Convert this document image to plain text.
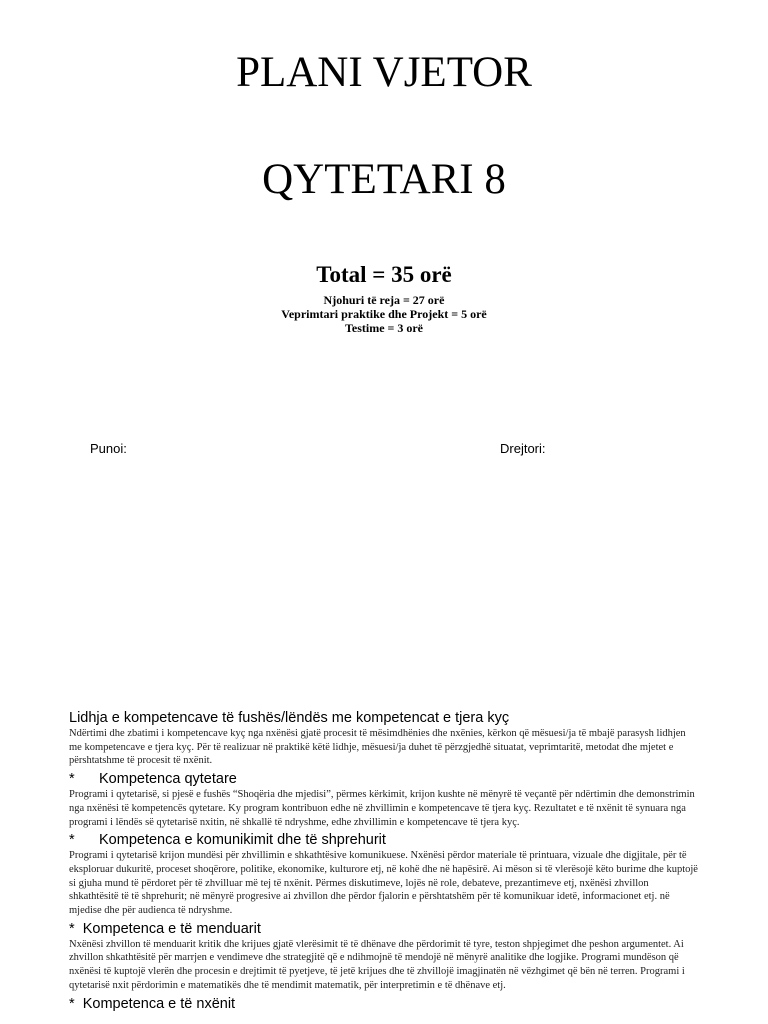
PLANI VJETOR
QYTETARI 8
Total = 35 orë
Njohuri të reja = 27 orë
Veprimtari praktike dhe Projekt = 5 orë
Testime = 3 orë
Punoi:	Drejtori:

Lidhja e kompetencave të fushës/lëndës me kompetencat e tjera kyç

Ndërtimi dhe zbatimi i kompetencave kyç nga nxënësi gjatë procesit të mësimdhënies dhe nxënies, kërkon që mësuesi/ja të mbajë parasysh lidhjen me kompetencave e tjera kyç. Për të realizuar në praktikë këtë lidhje, mësuesi/ja duhet të përzgjedhë situatat, veprimtaritë, metodat dhe mjetet e përshtatshme të procesit të nxënit.

* Kompetenca qytetare

Programi i qytetarisë, si pjesë e fushës “Shoqëria dhe mjedisi”, përmes kërkimit, krijon kushte në mënyrë të veçantë për ndërtimin dhe demonstrimin nga nxënësi të kompetencës qytetare. Ky program kontribuon edhe në zhvillimin e kompetencave të tjera kyç. Rezultatet e të nxënit të synuara nga programi i lëndës së qytetarisë nxitin, në shkallë të ndryshme, edhe zhvillimin e kompetencave të tjera kyç.

* Kompetenca e komunikimit dhe të shprehurit

Programi i qytetarisë krijon mundësi për zhvillimin e shkathtësive komunikuese. Nxënësi përdor materiale të printuara, vizuale dhe digjitale, për të eksploruar dukuritë, proceset shoqërore, politike, ekonomike, kulturore etj, në kohë dhe në hapësirë. Ai mëson si të vlerësojë këto burime dhe kuptojë si gjuha mund të përdoret për të zhvilluar më tej të nxënit. Përmes diskutimeve, lojës në role, debateve, prezantimeve etj, nxënësi zhvillon shkathtësitë të të shprehurit; në mënyrë progresive ai zhvillon dhe përdor fjalorin e përshtatshëm për të komunikuar idetë, informacionet etj. në mjedise dhe për audienca të ndryshme.

* Kompetenca e të menduarit

Nxënësi zhvillon të menduarit kritik dhe krijues gjatë vlerësimit të të dhënave dhe përdorimit të tyre, teston shpjegimet dhe peshon argumentet. Ai zhvillon shkathtësitë për marrjen e vendimeve dhe strategjitë që e ndihmojnë të mendojë në mënyrë analitike dhe logjike. Programi mundëson që nxënësi të kuptojë vlerën dhe procesin e drejtimit të pyetjeve, të jetë krijues dhe të zhvillojë imagjinatën në vëzhgimet që bën në terren. Programi i qytetarisë nxit përdorimin e matematikës dhe të mendimit matematik, për interpretimin e të dhënave etj.

* Kompetenca e të nxënit
